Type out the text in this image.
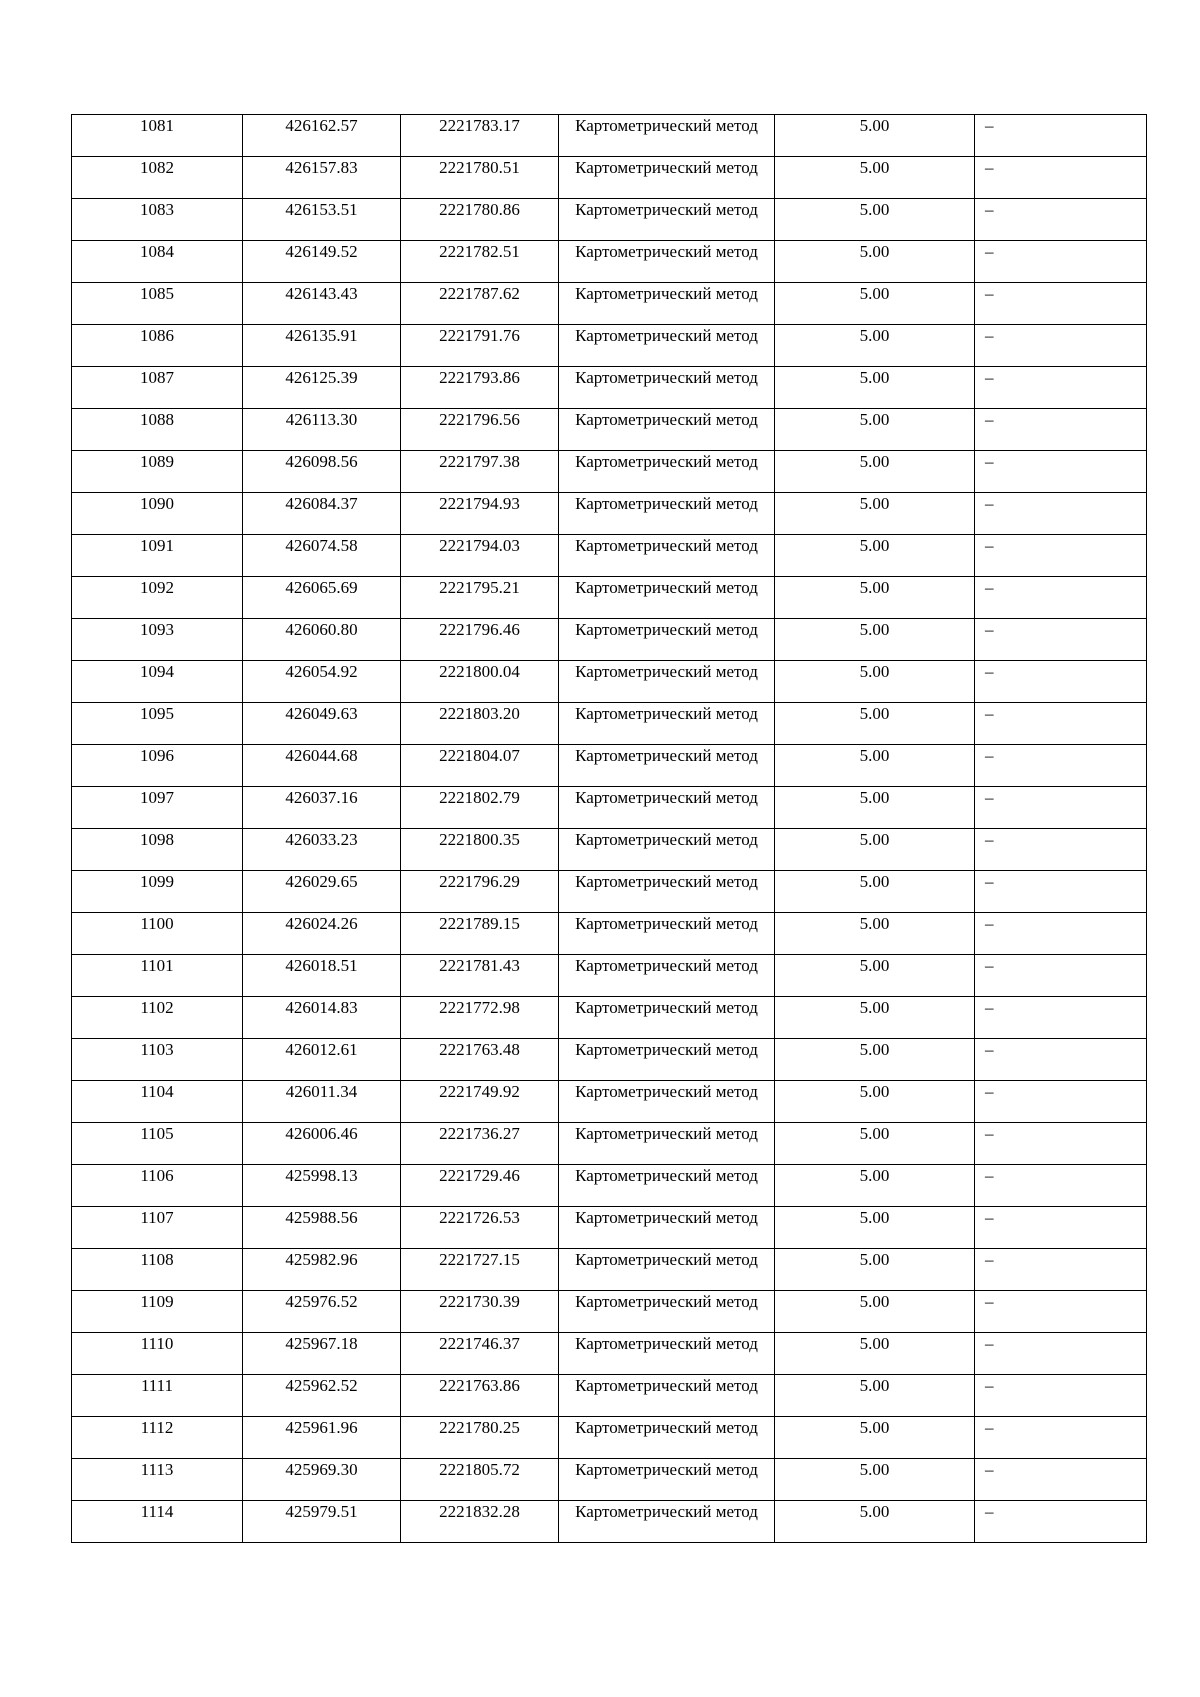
1081	426162.57	2221783.17	Картометрический метод	5.00	–

1082	426157.83	2221780.51	Картометрический метод	5.00	–

1083	426153.51	2221780.86	Картометрический метод	5.00	–

1084	426149.52	2221782.51	Картометрический метод	5.00	–

1085	426143.43	2221787.62	Картометрический метод	5.00	–

1086	426135.91	2221791.76	Картометрический метод	5.00	–

1087	426125.39	2221793.86	Картометрический метод	5.00	–

1088	426113.30	2221796.56	Картометрический метод	5.00	–

1089	426098.56	2221797.38	Картометрический метод	5.00	–

1090	426084.37	2221794.93	Картометрический метод	5.00	–

1091	426074.58	2221794.03	Картометрический метод	5.00	–

1092	426065.69	2221795.21	Картометрический метод	5.00	–

1093	426060.80	2221796.46	Картометрический метод	5.00	–

1094	426054.92	2221800.04	Картометрический метод	5.00	–

1095	426049.63	2221803.20	Картометрический метод	5.00	–

1096	426044.68	2221804.07	Картометрический метод	5.00	–

1097	426037.16	2221802.79	Картометрический метод	5.00	–

1098	426033.23	2221800.35	Картометрический метод	5.00	–

1099	426029.65	2221796.29	Картометрический метод	5.00	–

1100	426024.26	2221789.15	Картометрический метод	5.00	–

1101	426018.51	2221781.43	Картометрический метод	5.00	–

1102	426014.83	2221772.98	Картометрический метод	5.00	–

1103	426012.61	2221763.48	Картометрический метод	5.00	–

1104	426011.34	2221749.92	Картометрический метод	5.00	–

1105	426006.46	2221736.27	Картометрический метод	5.00	–

1106	425998.13	2221729.46	Картометрический метод	5.00	–

1107	425988.56	2221726.53	Картометрический метод	5.00	–

1108	425982.96	2221727.15	Картометрический метод	5.00	–

1109	425976.52	2221730.39	Картометрический метод	5.00	–

1110	425967.18	2221746.37	Картометрический метод	5.00	–

1111	425962.52	2221763.86	Картометрический метод	5.00	–

1112	425961.96	2221780.25	Картометрический метод	5.00	–

1113	425969.30	2221805.72	Картометрический метод	5.00	–

1114	425979.51	2221832.28	Картометрический метод	5.00	–
